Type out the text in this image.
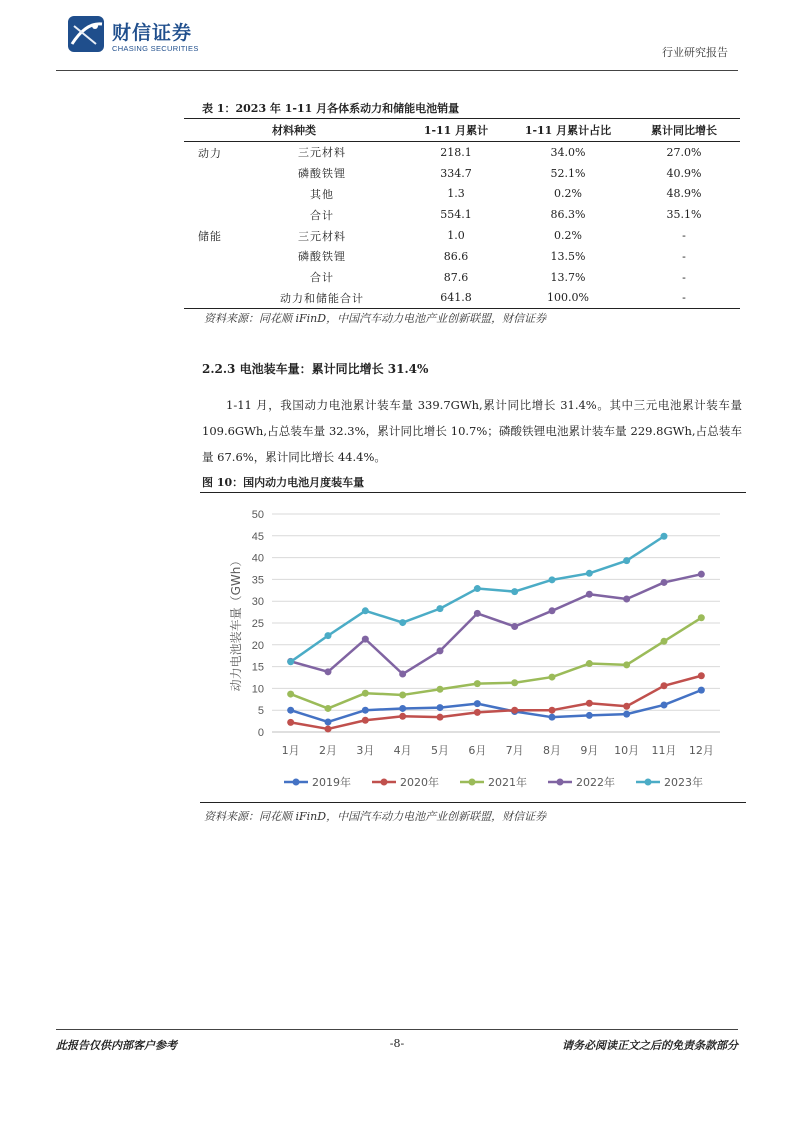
财信证券
CHASING SECURITIES	行业研究报告
表 1：2023 年 1-11 月各体系动力和储能电池销量
材料种类	1-11 月累计	1-11 月累计占比	累计同比增长

动力 三元材料	218.1	34.0%	27.0%

磷酸铁锂	334.7	52.1%	40.9%

其他	1.3	0.2%	48.9%

合计	554.1	86.3%	35.1%

储能 三元材料	1.0	0.2%	-

磷酸铁锂	86.6	13.5%	-

合计	87.6	13.7%	-

动力和储能合计	641.8	100.0%	-
资料来源：同花顺 iFinD，中国汽车动力电池产业创新联盟，财信证券
2.2.3 电池装车量：累计同比增长 31.4%

1-11 月，我国动力电池累计装车量 339.7GWh,累计同比增长 31.4%。其中三元电池累计装车量 109.6GWh,占总装车量 32.3%，累计同比增长 10.7%；磷酸铁锂电池累计装车量 229.8GWh,占总装车量 67.6%，累计同比增长 44.4%。

图 10：国内动力电池月度装车量
0
5
10
15
20
25
30
35
40
45
50
1月 2月 3月 4月 5月 6月 7月 8月 9月 10月 11月 12月
动力电池装车量（GWh）
2019年	2020年	2021年	2022年	2023年
资料来源：同花顺 iFinD，中国汽车动力电池产业创新联盟，财信证券
此报告仅供内部客户参考	-8-	请务必阅读正文之后的免责条款部分
